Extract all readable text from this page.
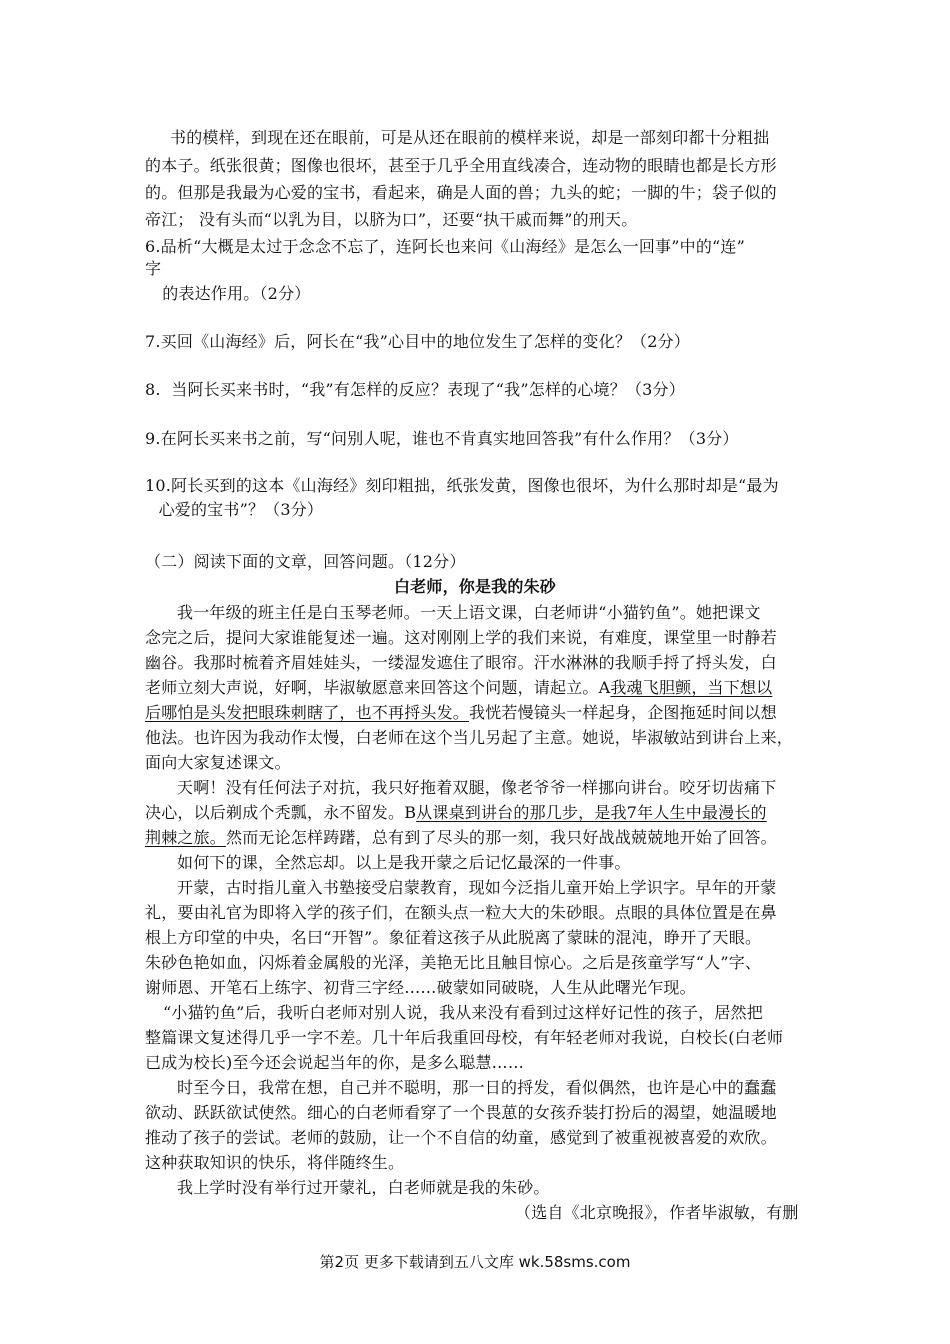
书的模样，到现在还在眼前，可是从还在眼前的模样来说，却是一部刻印都十分粗拙
的本子。纸张很黄；图像也很坏，甚至于几乎全用直线凑合，连动物的眼睛也都是长方形
的。但那是我最为心爱的宝书，看起来，确是人面的兽；九头的蛇；一脚的牛；袋子似的
帝江； 没有头而“以乳为目，以脐为口”，还要“执干戚而舞”的刑天。
6.品析“大概是太过于念念不忘了，连阿长也来问《山海经》是怎么一回事”中的“连”
字
的表达作用。（2分）
7.买回《山海经》后，阿长在“我”心目中的地位发生了怎样的变化？（2分）
8.  当阿长买来书时，“我”有怎样的反应？表现了“我”怎样的心境？（3分）
9.在阿长买来书之前，写“问别人呢，谁也不肯真实地回答我”有什么作用？（3分）
10.阿长买到的这本《山海经》刻印粗拙，纸张发黄，图像也很坏，为什么那时却是“最为
心爱的宝书”？（3分）
（二）阅读下面的文章，回答问题。（12分）
白老师，你是我的朱砂
我一年级的班主任是白玉琴老师。一天上语文课，白老师讲“小猫钓鱼”。她把课文
念完之后，提问大家谁能复述一遍。这对刚刚上学的我们来说，有难度，课堂里一时静若
幽谷。我那时梳着齐眉娃娃头，一缕湿发遮住了眼帘。汗水淋淋的我顺手捋了捋头发，白
老师立刻大声说，好啊，毕淑敏愿意来回答这个问题，请起立。A我魂飞胆颤，当下想以
后哪怕是头发把眼珠刺瞎了，也不再捋头发。我恍若慢镜头一样起身，企图拖延时间以想
他法。也许因为我动作太慢，白老师在这个当儿另起了主意。她说，毕淑敏站到讲台上来，
面向大家复述课文。
天啊！没有任何法子对抗，我只好拖着双腿，像老爷爷一样挪向讲台。咬牙切齿痛下
决心，以后剃成个秃瓢，永不留发。B从课桌到讲台的那几步，是我7年人生中最漫长的
荆棘之旅。然而无论怎样踌躇，总有到了尽头的那一刻，我只好战战兢兢地开始了回答。
如何下的课，全然忘却。以上是我开蒙之后记忆最深的一件事。
开蒙，古时指儿童入书塾接受启蒙教育，现如今泛指儿童开始上学识字。早年的开蒙
礼，要由礼官为即将入学的孩子们，在额头点一粒大大的朱砂眼。点眼的具体位置是在鼻
根上方印堂的中央，名曰“开智”。象征着这孩子从此脱离了蒙昧的混沌，睁开了天眼。
朱砂色艳如血，闪烁着金属般的光泽，美艳无比且触目惊心。之后是孩童学写“人”字、
谢师恩、开笔石上练字、初背三字经……破蒙如同破晓，人生从此曙光乍现。
“小猫钓鱼”后，我听白老师对别人说，我从来没有看到过这样好记性的孩子，居然把
整篇课文复述得几乎一字不差。几十年后我重回母校，有年轻老师对我说，白校长(白老师
已成为校长)至今还会说起当年的你，是多么聪慧……
时至今日，我常在想，自己并不聪明，那一日的捋发，看似偶然，也许是心中的蠢蠢
欲动、跃跃欲试使然。细心的白老师看穿了一个畏葸的女孩乔装打扮后的渴望，她温暖地
推动了孩子的尝试。老师的鼓励，让一个不自信的幼童，感觉到了被重视被喜爱的欢欣。
这种获取知识的快乐，将伴随终生。
我上学时没有举行过开蒙礼，白老师就是我的朱砂。
（选自《北京晚报》，作者毕淑敏，有删
第2页 更多下载请到五八文库 wk.58sms.com
